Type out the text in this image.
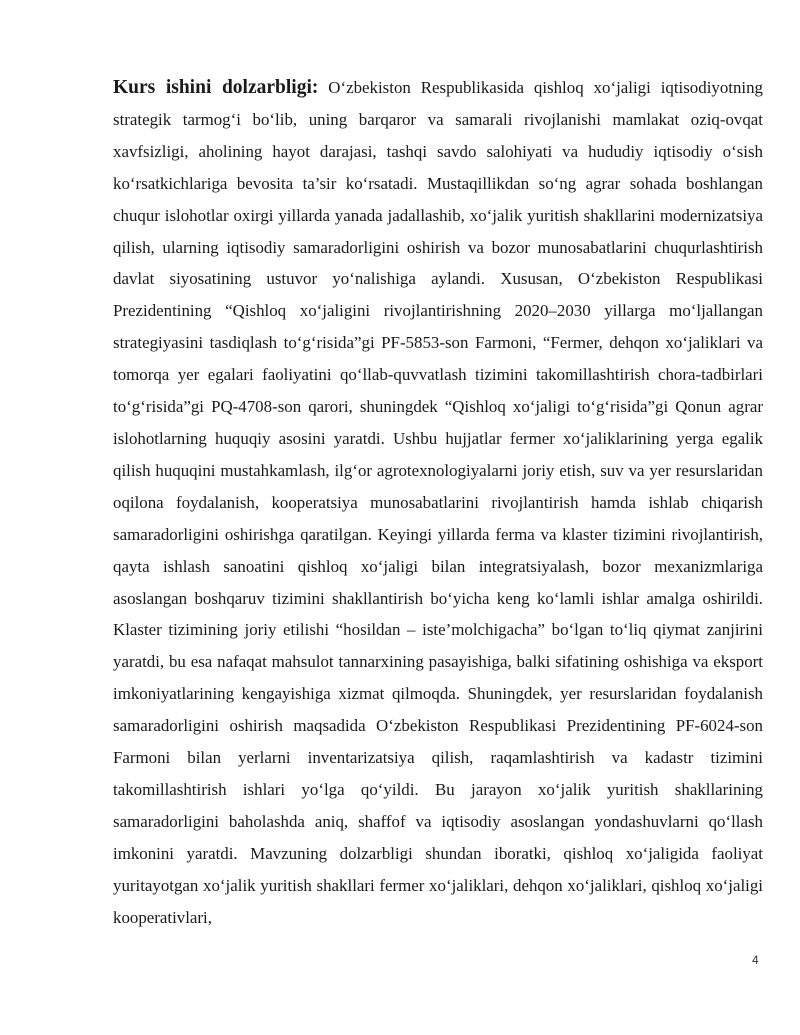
Kurs ishini dolzarbligi: O‘zbekiston Respublikasida qishloq xo‘jaligi iqtisodiyotning strategik tarmog‘i bo‘lib, uning barqaror va samarali rivojlanishi mamlakat oziq-ovqat xavfsizligi, aholining hayot darajasi, tashqi savdo salohiyati va hududiy iqtisodiy o‘sish ko‘rsatkichlariga bevosita ta’sir ko‘rsatadi. Mustaqillikdan so‘ng agrar sohada boshlangan chuqur islohotlar oxirgi yillarda yanada jadallashib, xo‘jalik yuritish shakllarini modernizatsiya qilish, ularning iqtisodiy samaradorligini oshirish va bozor munosabatlarini chuqurlashtirish davlat siyosatining ustuvor yo‘nalishiga aylandi. Xususan, O‘zbekiston Respublikasi Prezidentining “Qishloq xo‘jaligini rivojlantirishning 2020–2030 yillarga mo‘ljallangan strategiyasini tasdiqlash to‘g‘risida”gi PF-5853-son Farmoni, “Fermer, dehqon xo‘jaliklari va tomorqa yer egalari faoliyatini qo‘llab-quvvatlash tizimini takomillashtirish chora-tadbirlari to‘g‘risida”gi PQ-4708-son qarori, shuningdek “Qishloq xo‘jaligi to‘g‘risida”gi Qonun agrar islohotlarning huquqiy asosini yaratdi. Ushbu hujjatlar fermer xo‘jaliklarining yerga egalik qilish huquqini mustahkamlash, ilg‘or agrotexnologiyalarni joriy etish, suv va yer resurslaridan oqilona foydalanish, kooperatsiya munosabatlarini rivojlantirish hamda ishlab chiqarish samaradorligini oshirishga qaratilgan. Keyingi yillarda ferma va klaster tizimini rivojlantirish, qayta ishlash sanoatini qishloq xo‘jaligi bilan integratsiyalash, bozor mexanizmlariga asoslangan boshqaruv tizimini shakllantirish bo‘yicha keng ko‘lamli ishlar amalga oshirildi. Klaster tizimining joriy etilishi “hosildan – iste’molchigacha” bo‘lgan to‘liq qiymat zanjirini yaratdi, bu esa nafaqat mahsulot tannarxining pasayishiga, balki sifatining oshishiga va eksport imkoniyatlarining kengayishiga xizmat qilmoqda. Shuningdek, yer resurslaridan foydalanish samaradorligini oshirish maqsadida O‘zbekiston Respublikasi Prezidentining PF-6024-son Farmoni bilan yerlarni inventarizatsiya qilish, raqamlashtirish va kadastr tizimini takomillashtirish ishlari yo‘lga qo‘yildi. Bu jarayon xo‘jalik yuritish shakllarining samaradorligini baholashda aniq, shaffof va iqtisodiy asoslangan yondashuvlarni qo‘llash imkonini yaratdi. Mavzuning dolzarbligi shundan iboratki, qishloq xo‘jaligida faoliyat yuritayotgan xo‘jalik yuritish shakllari fermer xo‘jaliklari, dehqon xo‘jaliklari, qishloq xo‘jaligi kooperativlari,

4
